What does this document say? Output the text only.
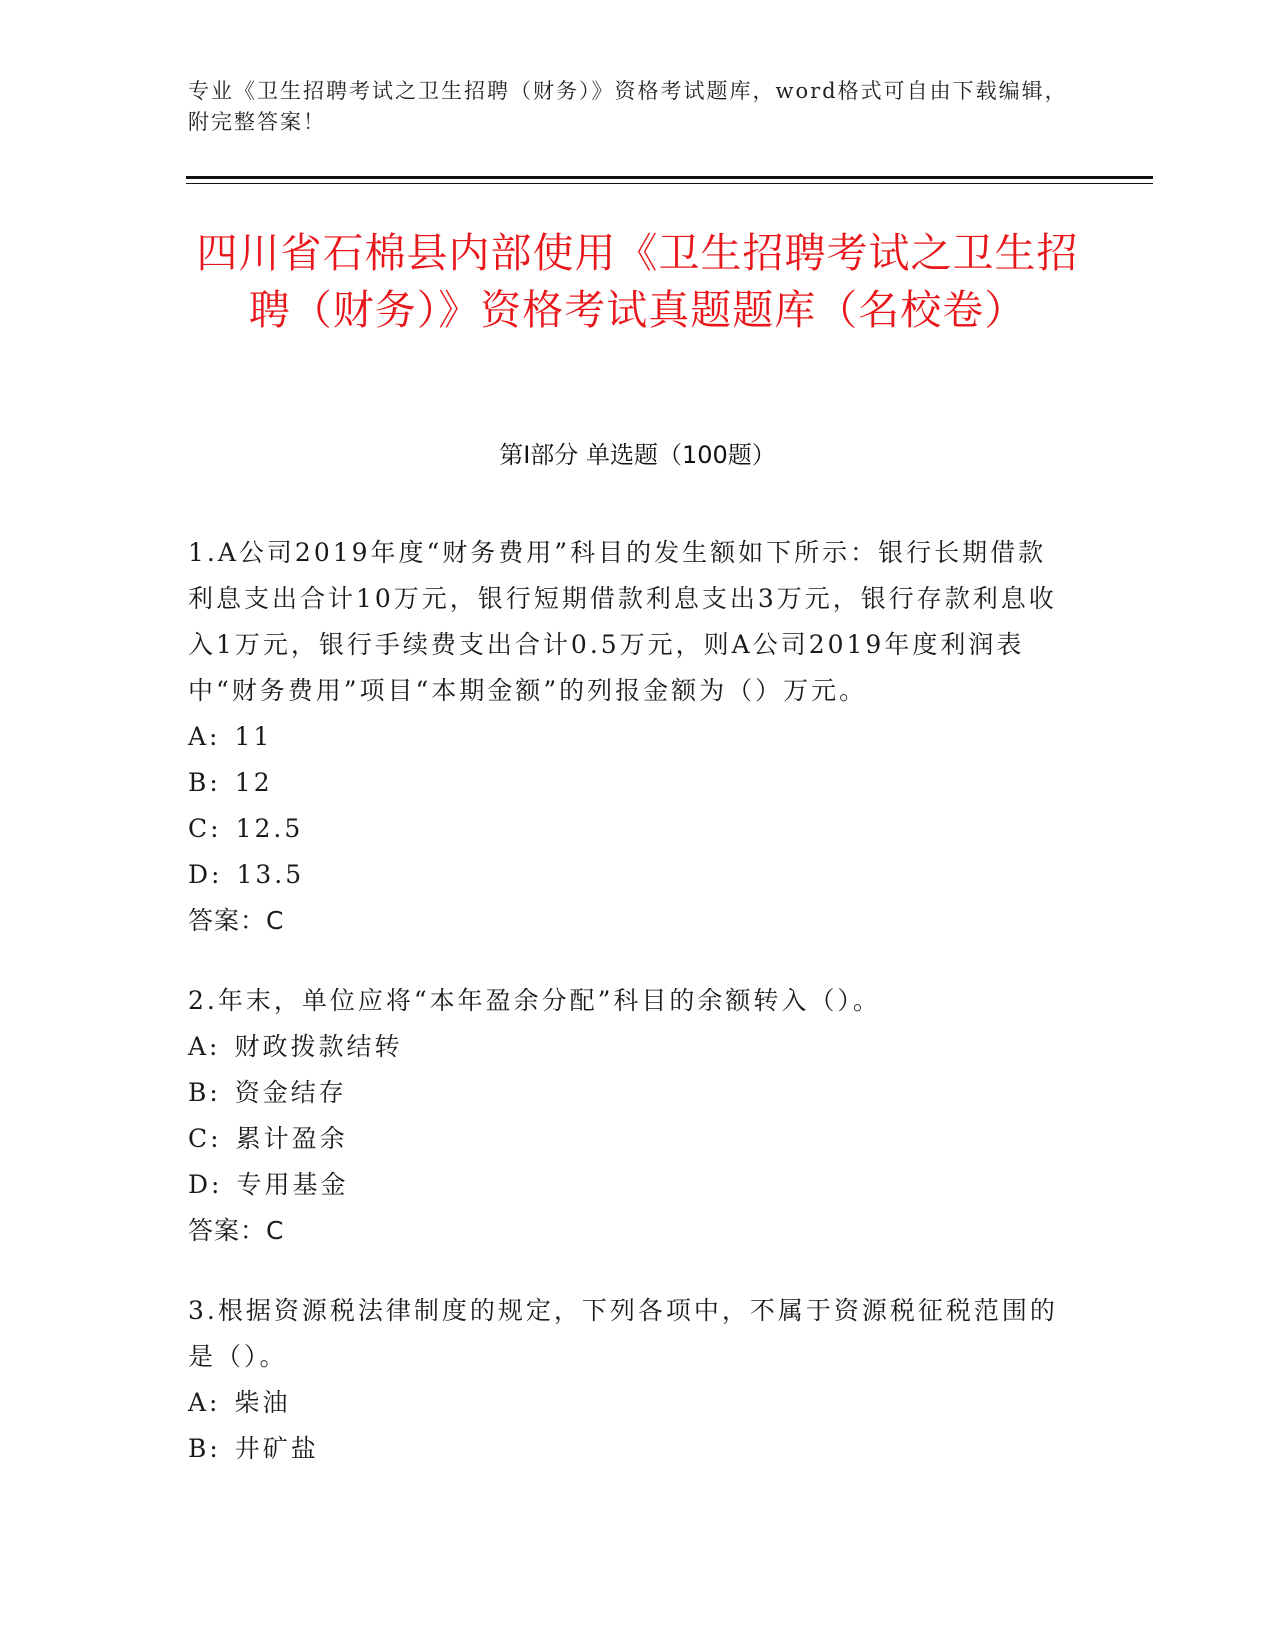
专业《卫生招聘考试之卫生招聘（财务）》资格考试题库，word格式可自由下载编辑，附完整答案！
四川省石棉县内部使用《卫生招聘考试之卫生招聘（财务）》资格考试真题题库（名校卷）
第Ⅰ部分 单选题（100题）

1.A公司2019年度“财务费用”科目的发生额如下所示：银行长期借款利息支出合计10万元，银行短期借款利息支出3万元，银行存款利息收入1万元，银行手续费支出合计0.5万元，则A公司2019年度利润表中“财务费用”项目“本期金额”的列报金额为（）万元。

A: 11

B: 12

C: 12.5

D: 13.5

答案：C

2.年末，单位应将“本年盈余分配”科目的余额转入（）。

A: 财政拨款结转

B: 资金结存

C: 累计盈余

D: 专用基金

答案：C

3.根据资源税法律制度的规定，下列各项中，不属于资源税征税范围的是（）。

A: 柴油

B: 井矿盐
